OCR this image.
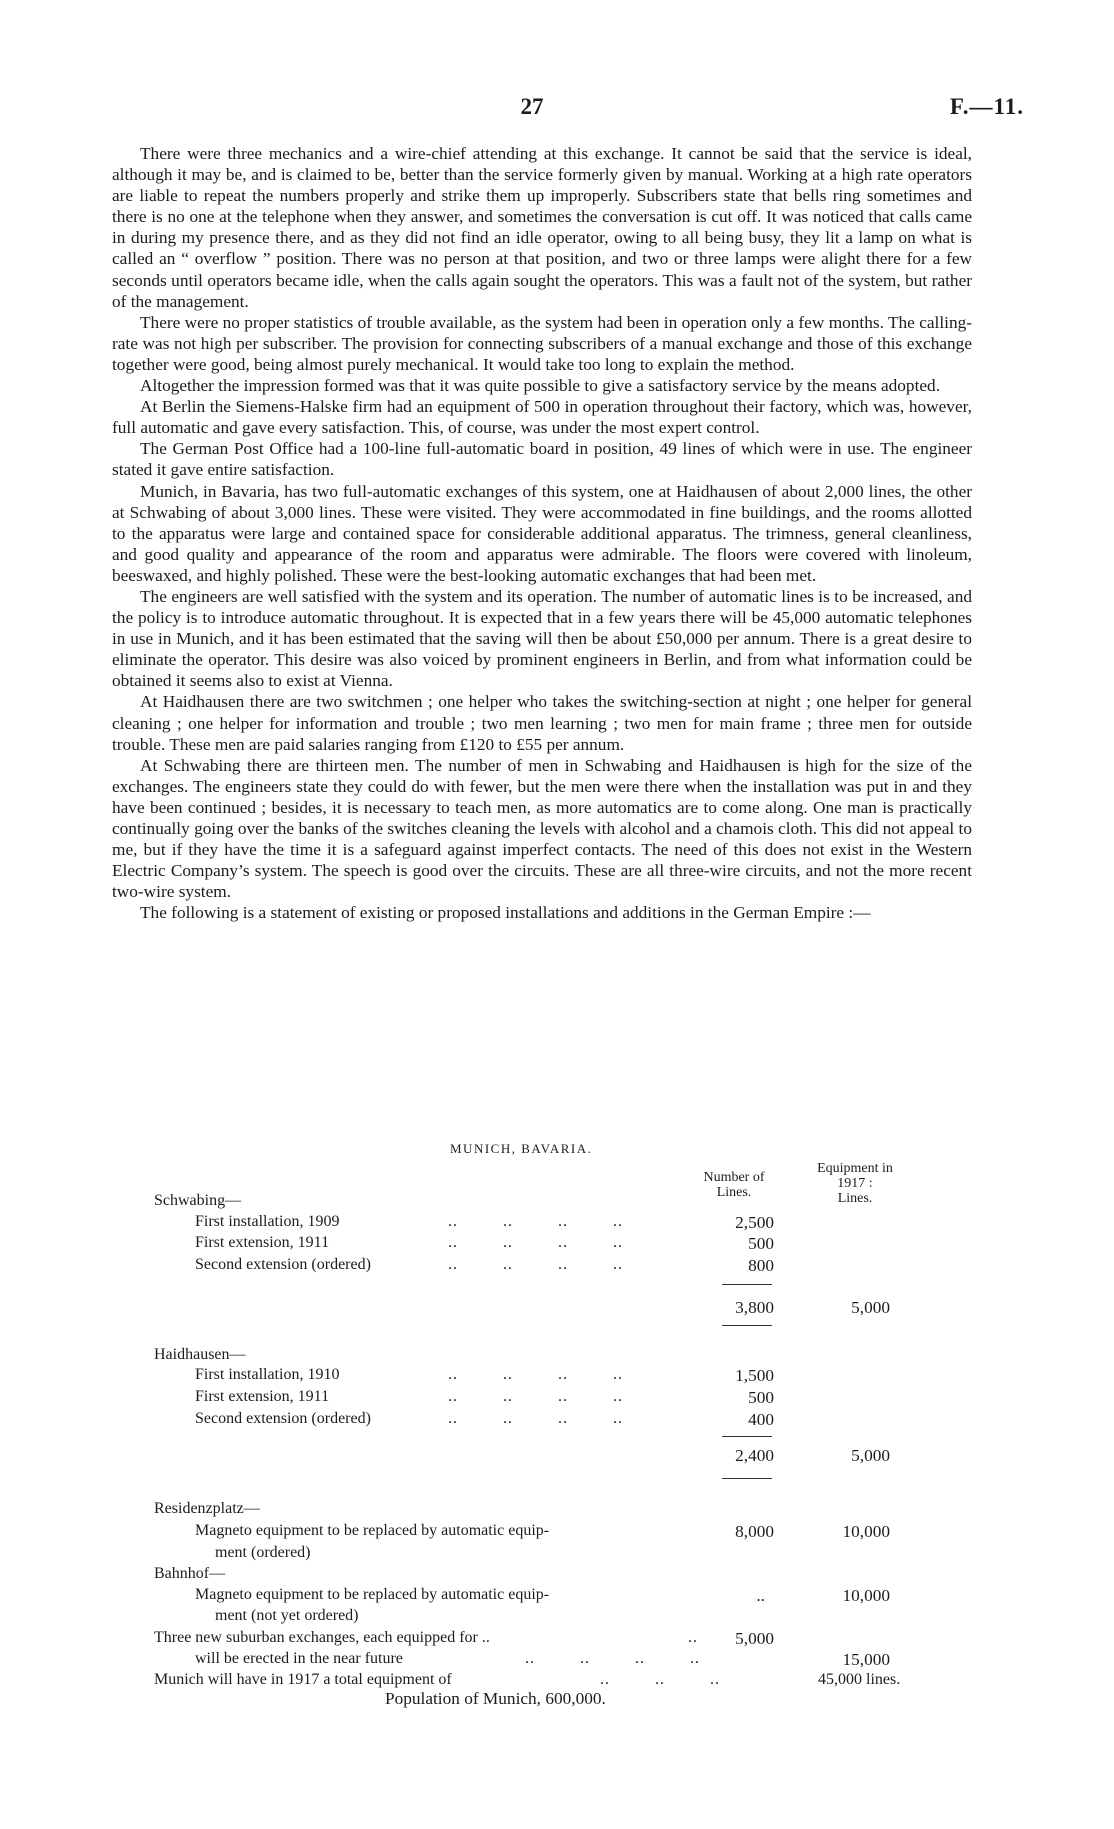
27	F.—11.

There were three mechanics and a wire-chief attending at this exchange. It cannot be said that the service is ideal, although it may be, and is claimed to be, better than the service formerly given by manual. Working at a high rate operators are liable to repeat the numbers properly and strike them up improperly. Subscribers state that bells ring sometimes and there is no one at the telephone when they answer, and sometimes the conversation is cut off. It was noticed that calls came in during my presence there, and as they did not find an idle operator, owing to all being busy, they lit a lamp on what is called an “ overflow ” position. There was no person at that position, and two or three lamps were alight there for a few seconds until operators became idle, when the calls again sought the operators. This was a fault not of the system, but rather of the management.

There were no proper statistics of trouble available, as the system had been in operation only a few months. The calling-rate was not high per subscriber. The provision for connecting subscribers of a manual exchange and those of this exchange together were good, being almost purely mechanical. It would take too long to explain the method.

Altogether the impression formed was that it was quite possible to give a satisfactory service by the means adopted.

At Berlin the Siemens-Halske firm had an equipment of 500 in operation throughout their factory, which was, however, full automatic and gave every satisfaction. This, of course, was under the most expert control.

The German Post Office had a 100-line full-automatic board in position, 49 lines of which were in use. The engineer stated it gave entire satisfaction.

Munich, in Bavaria, has two full-automatic exchanges of this system, one at Haidhausen of about 2,000 lines, the other at Schwabing of about 3,000 lines. These were visited. They were accommodated in fine buildings, and the rooms allotted to the apparatus were large and contained space for considerable additional apparatus. The trimness, general cleanliness, and good quality and appearance of the room and apparatus were admirable. The floors were covered with linoleum, beeswaxed, and highly polished. These were the best-looking automatic exchanges that had been met.

The engineers are well satisfied with the system and its operation. The number of automatic lines is to be increased, and the policy is to introduce automatic throughout. It is expected that in a few years there will be 45,000 automatic telephones in use in Munich, and it has been estimated that the saving will then be about £50,000 per annum. There is a great desire to eliminate the operator. This desire was also voiced by prominent engineers in Berlin, and from what information could be obtained it seems also to exist at Vienna.

At Haidhausen there are two switchmen ; one helper who takes the switching-section at night ; one helper for general cleaning ; one helper for information and trouble ; two men learning ; two men for main frame ; three men for outside trouble. These men are paid salaries ranging from £120 to £55 per annum.

At Schwabing there are thirteen men. The number of men in Schwabing and Haidhausen is high for the size of the exchanges. The engineers state they could do with fewer, but the men were there when the installation was put in and they have been continued ; besides, it is necessary to teach men, as more automatics are to come along. One man is practically continually going over the banks of the switches cleaning the levels with alcohol and a chamois cloth. This did not appeal to me, but if they have the time it is a safeguard against imperfect contacts. The need of this does not exist in the Western Electric Company’s system. The speech is good over the circuits. These are all three-wire circuits, and not the more recent two-wire system.

The following is a statement of existing or proposed installations and additions in the German Empire :—

MUNICH, BAVARIA.
Number of Lines.
Equipment in
1917 :
Lines.
Schwabing—
First installation, 1909	..         ..         ..         ..	2,500
First extension, 1911	..         ..         ..         ..	500
Second extension (ordered)	..         ..         ..         ..	800
3,800	5,000
Haidhausen—
First installation, 1910	..         ..         ..         ..	1,500
First extension, 1911	..         ..         ..         ..	500
Second extension (ordered)	..         ..         ..         ..	400
2,400	5,000
Residenzplatz—
Magneto equipment to be replaced by automatic equip-	8,000	10,000
ment (ordered)
Bahnhof—
Magneto equipment to be replaced by automatic equip-	..	10,000
ment (not yet ordered)
Three new suburban exchanges, each equipped for ..	..	5,000
will be erected in the near future	..         ..         ..         ..	15,000
Munich will have in 1917 a total equipment of	..         ..         ..	45,000 lines.
Population of Munich, 600,000.
